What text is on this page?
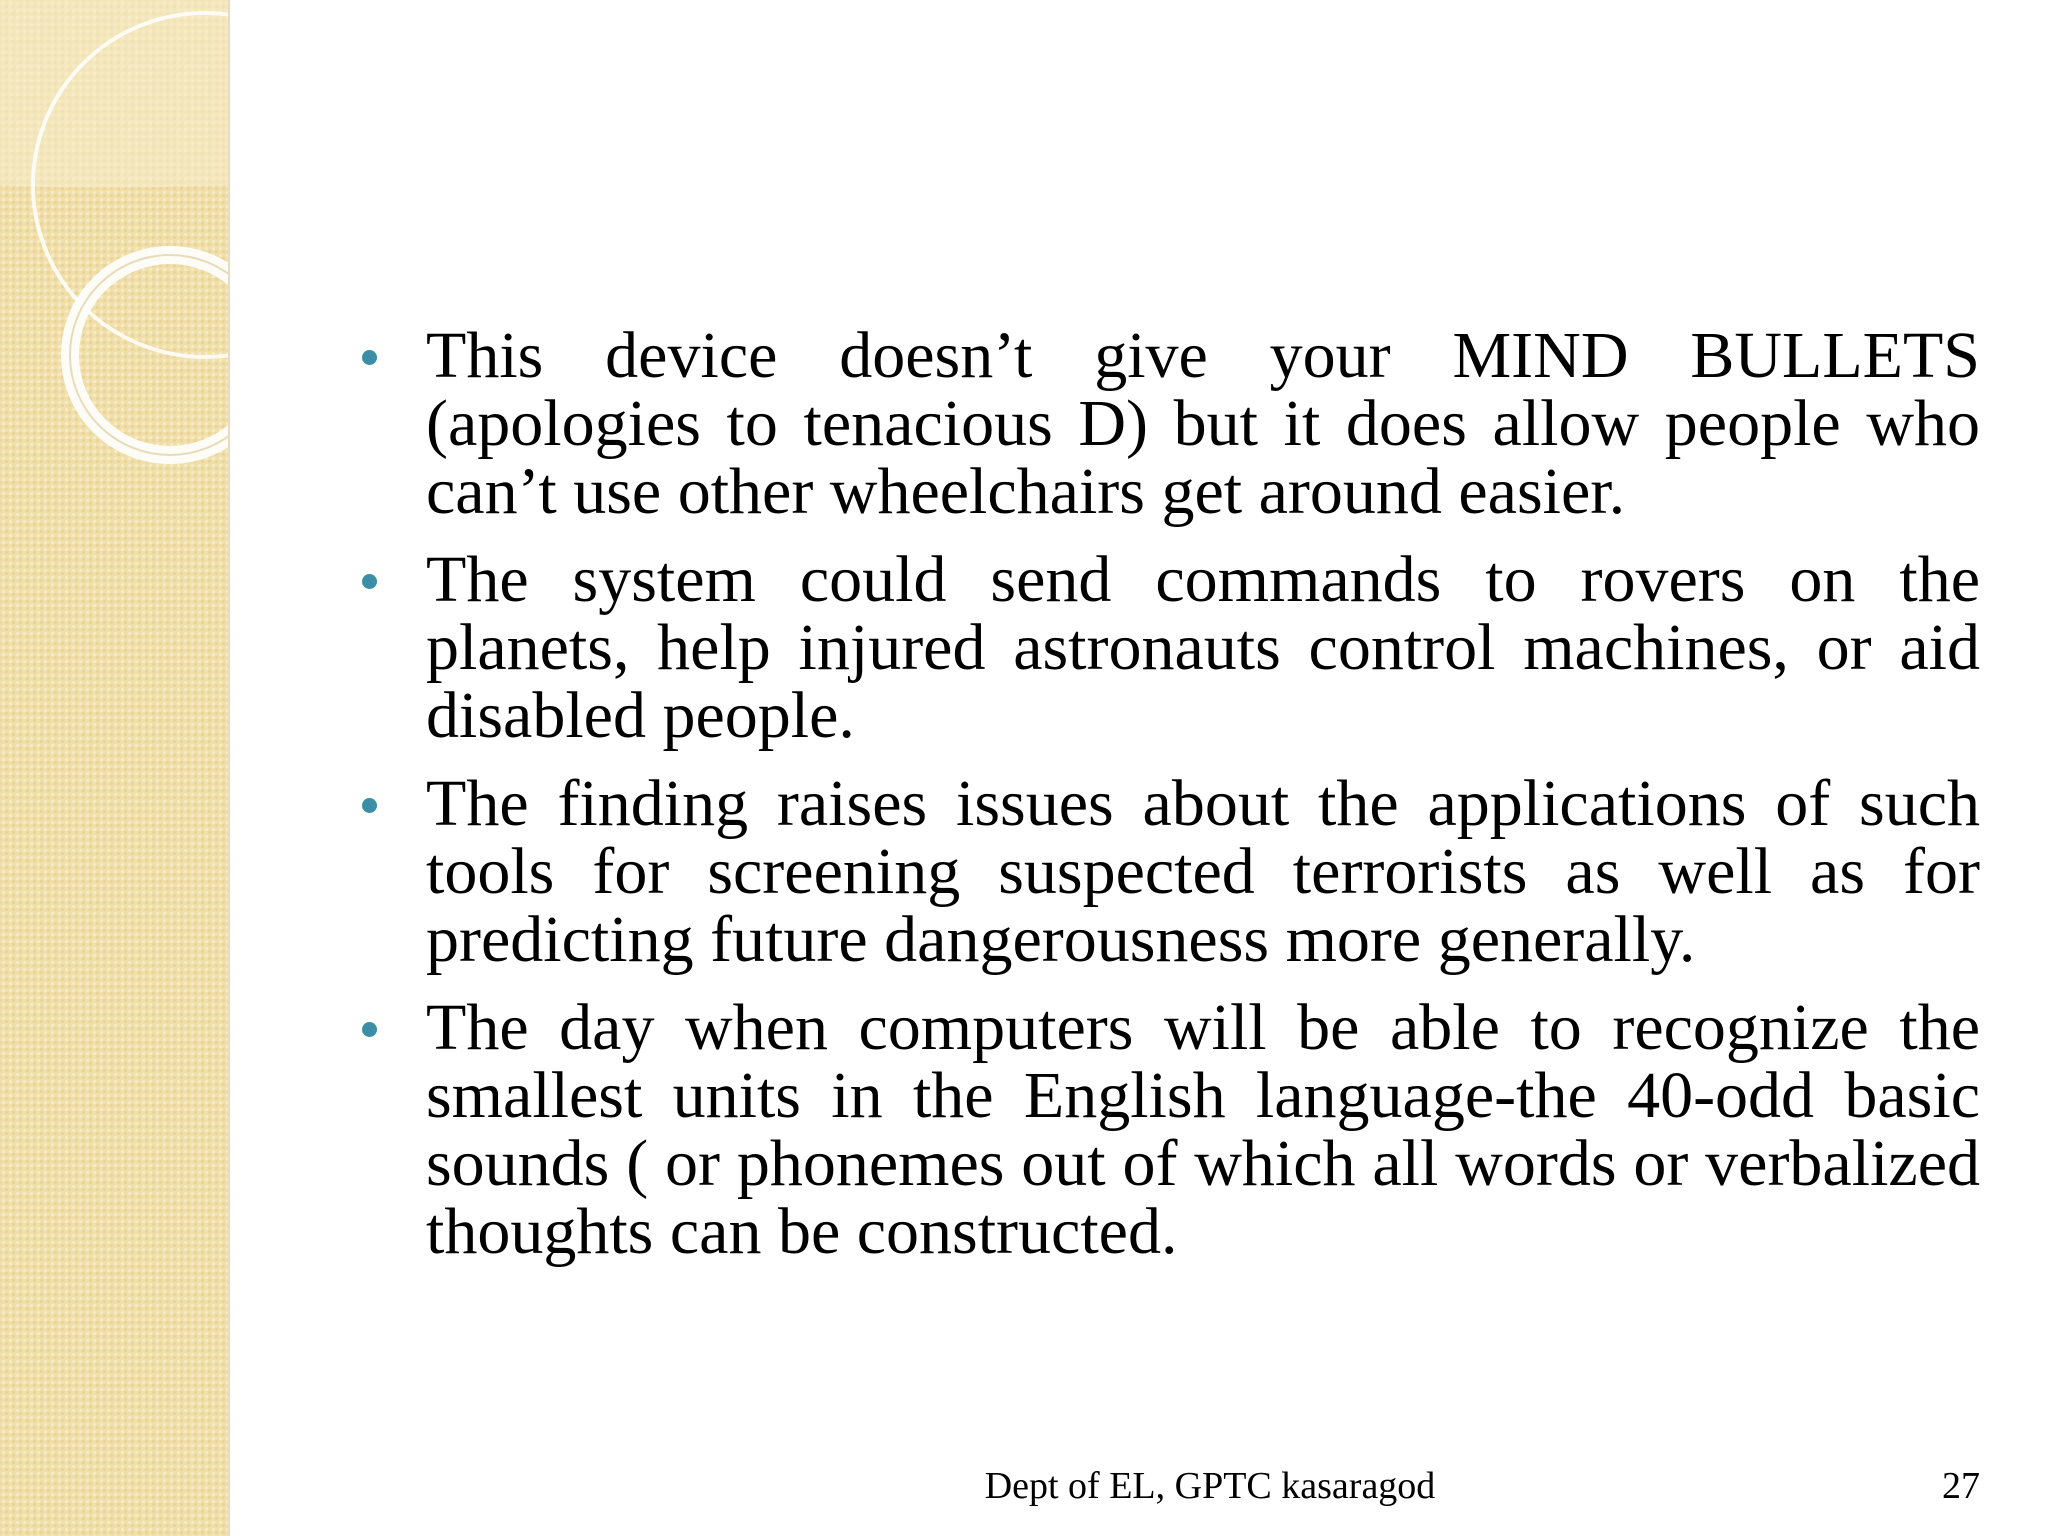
This device doesn’t give your MIND BULLETS (apologies to tenacious D) but it does allow people who can’t use other wheelchairs get around easier.
The system could send commands to rovers on the planets, help injured astronauts control machines, or aid disabled people.
The finding raises issues about the applications of such tools for screening suspected terrorists as well as for predicting future dangerousness more generally.
The day when computers will be able to recognize the smallest units in the English language-the 40-odd basic sounds ( or phonemes out of which all words or verbalized thoughts can be constructed.
Dept of EL, GPTC kasaragod	27
